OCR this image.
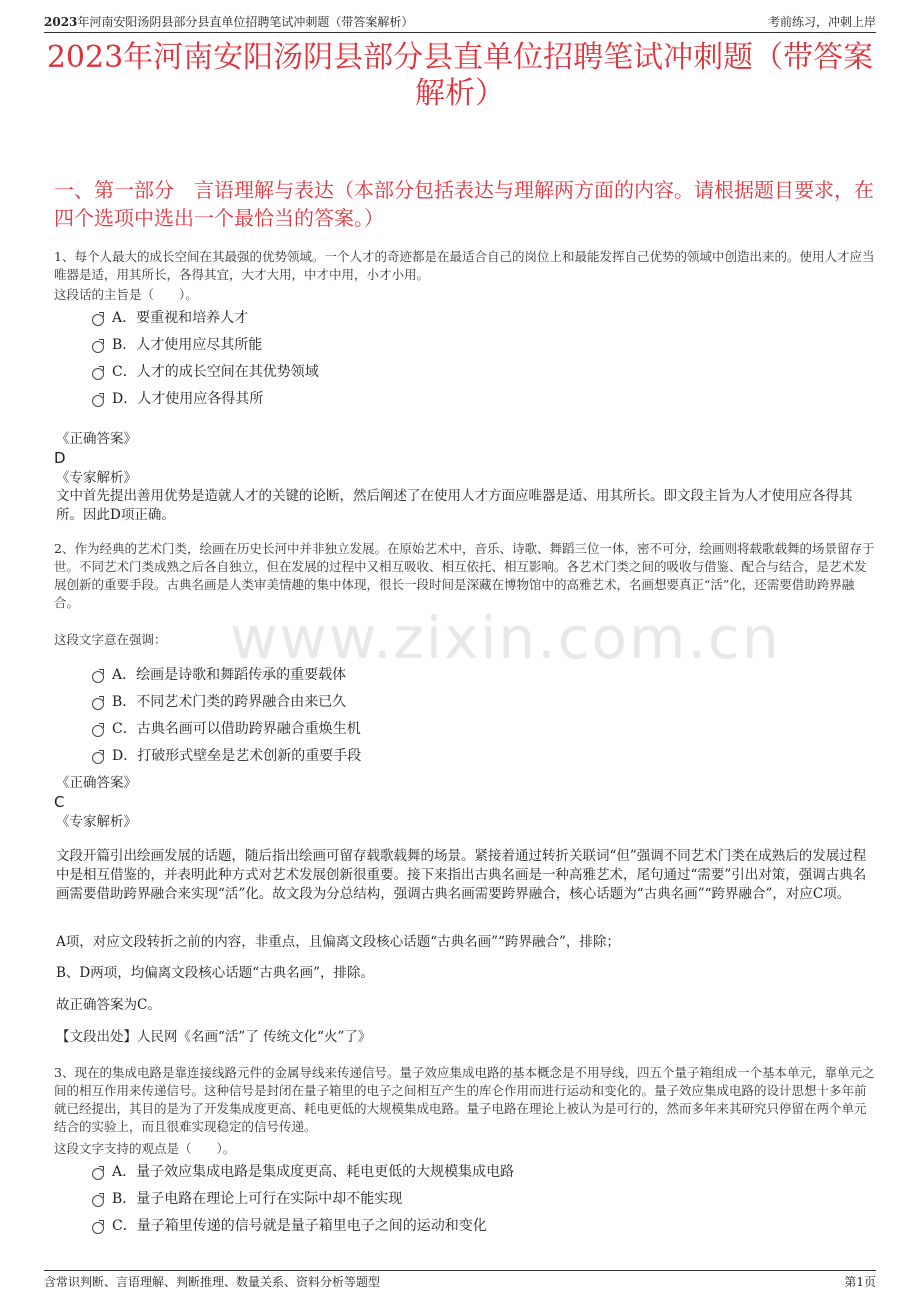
2023年河南安阳汤阴县部分县直单位招聘笔试冲刺题（带答案解析）	考前练习，冲刺上岸
2023年河南安阳汤阴县部分县直单位招聘笔试冲刺题（带答案解析）
一、第一部分　言语理解与表达（本部分包括表达与理解两方面的内容。请根据题目要求，在四个选项中选出一个最恰当的答案。）
1、每个人最大的成长空间在其最强的优势领域。一个人才的奇迹都是在最适合自己的岗位上和最能发挥自己优势的领域中创造出来的。使用人才应当唯器是适，用其所长，各得其宜，大才大用，中才中用，小才小用。
这段话的主旨是（　　）。
A．要重视和培养人才
B．人才使用应尽其所能
C．人才的成长空间在其优势领域
D．人才使用应各得其所
《正确答案》
D
《专家解析》
文中首先提出善用优势是造就人才的关键的论断，然后阐述了在使用人才方面应唯器是适、用其所长。即文段主旨为人才使用应各得其所。因此D项正确。
2、作为经典的艺术门类，绘画在历史长河中并非独立发展。在原始艺术中，音乐、诗歌、舞蹈三位一体，密不可分，绘画则将载歌载舞的场景留存于世。不同艺术门类成熟之后各自独立，但在发展的过程中又相互吸收、相互依托、相互影响。各艺术门类之间的吸收与借鉴、配合与结合，是艺术发展创新的重要手段。古典名画是人类审美情趣的集中体现，很长一段时间是深藏在博物馆中的高雅艺术，名画想要真正“活”化，还需要借助跨界融合。
www.zixin.com.cn
这段文字意在强调：
A．绘画是诗歌和舞蹈传承的重要载体
B．不同艺术门类的跨界融合由来已久
C．古典名画可以借助跨界融合重焕生机
D．打破形式壁垒是艺术创新的重要手段
《正确答案》
C
《专家解析》
文段开篇引出绘画发展的话题，随后指出绘画可留存载歌载舞的场景。紧接着通过转折关联词“但”强调不同艺术门类在成熟后的发展过程中是相互借鉴的，并表明此种方式对艺术发展创新很重要。接下来指出古典名画是一种高雅艺术，尾句通过“需要”引出对策，强调古典名画需要借助跨界融合来实现“活”化。故文段为分总结构，强调古典名画需要跨界融合，核心话题为“古典名画”“跨界融合”，对应C项。
A项，对应文段转折之前的内容，非重点，且偏离文段核心话题“古典名画”“跨界融合”，排除；
B、D两项，均偏离文段核心话题“古典名画”，排除。
故正确答案为C。
【文段出处】人民网《名画“活”了 传统文化“火”了》
3、现在的集成电路是靠连接线路元件的金属导线来传递信号。量子效应集成电路的基本概念是不用导线，四五个量子箱组成一个基本单元，靠单元之间的相互作用来传递信号。这种信号是封闭在量子箱里的电子之间相互产生的库仑作用而进行运动和变化的。量子效应集成电路的设计思想十多年前就已经提出，其目的是为了开发集成度更高、耗电更低的大规模集成电路。量子电路在理论上被认为是可行的，然而多年来其研究只停留在两个单元结合的实验上，而且很难实现稳定的信号传递。
这段文字支持的观点是（　　）。
A．量子效应集成电路是集成度更高、耗电更低的大规模集成电路
B．量子电路在理论上可行在实际中却不能实现
C．量子箱里传递的信号就是量子箱里电子之间的运动和变化
含常识判断、言语理解、判断推理、数量关系、资料分析等题型	第1页
